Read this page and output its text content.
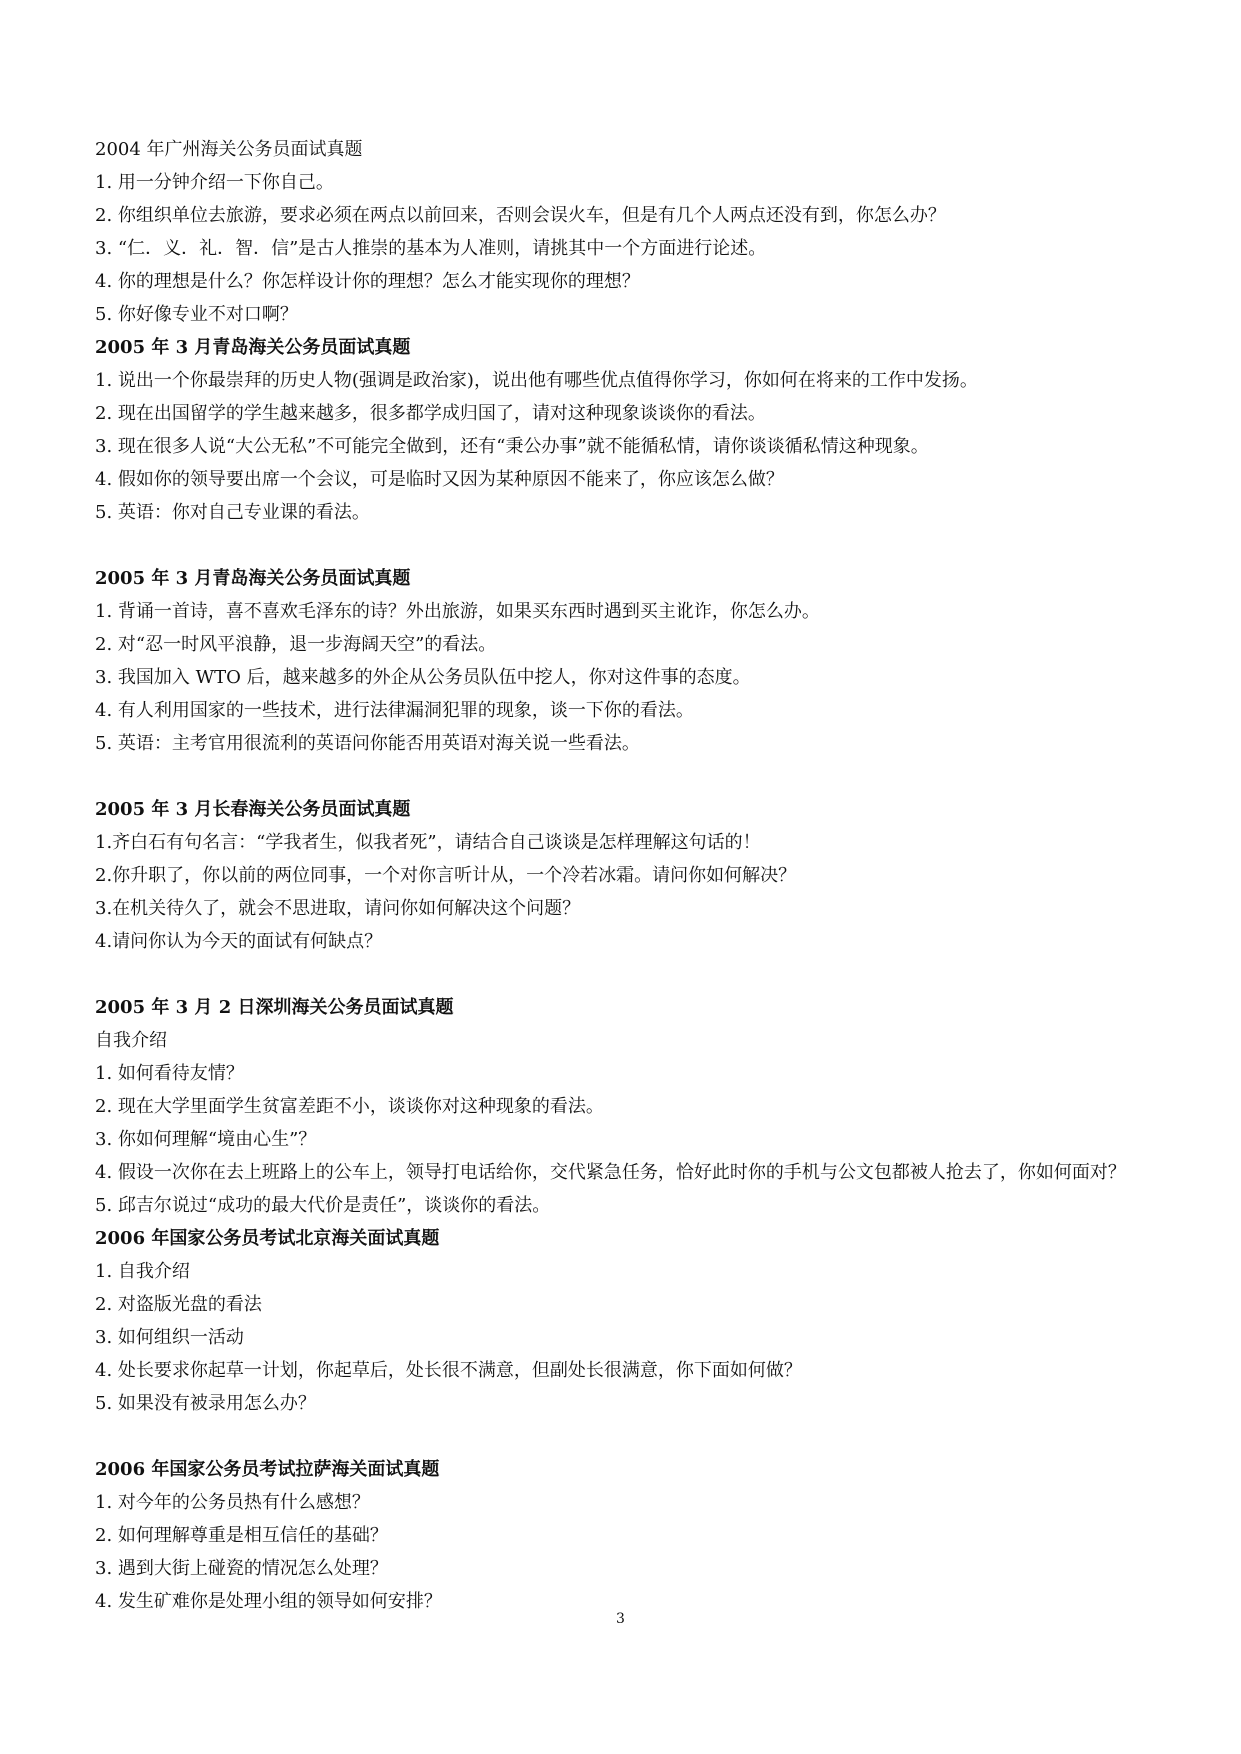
2004 年广州海关公务员面试真题
1. 用一分钟介绍一下你自己。
2. 你组织单位去旅游，要求必须在两点以前回来，否则会误火车，但是有几个人两点还没有到，你怎么办？
3. “仁．义．礼．智．信”是古人推崇的基本为人准则，请挑其中一个方面进行论述。
4. 你的理想是什么？你怎样设计你的理想？怎么才能实现你的理想？
5. 你好像专业不对口啊？
2005 年 3 月青岛海关公务员面试真题
1. 说出一个你最崇拜的历史人物(强调是政治家)，说出他有哪些优点值得你学习，你如何在将来的工作中发扬。
2. 现在出国留学的学生越来越多，很多都学成归国了，请对这种现象谈谈你的看法。
3. 现在很多人说“大公无私”不可能完全做到，还有“秉公办事”就不能循私情，请你谈谈循私情这种现象。
4. 假如你的领导要出席一个会议，可是临时又因为某种原因不能来了，你应该怎么做？
5. 英语：你对自己专业课的看法。
2005 年 3 月青岛海关公务员面试真题
1. 背诵一首诗，喜不喜欢毛泽东的诗？外出旅游，如果买东西时遇到买主讹诈，你怎么办。
2. 对“忍一时风平浪静，退一步海阔天空”的看法。
3. 我国加入 WTO 后，越来越多的外企从公务员队伍中挖人，你对这件事的态度。
4. 有人利用国家的一些技术，进行法律漏洞犯罪的现象，谈一下你的看法。
5. 英语：主考官用很流利的英语问你能否用英语对海关说一些看法。
2005 年 3 月长春海关公务员面试真题
1.齐白石有句名言：“学我者生，似我者死”，请结合自己谈谈是怎样理解这句话的！
2.你升职了，你以前的两位同事，一个对你言听计从，一个冷若冰霜。请问你如何解决？
3.在机关待久了，就会不思进取，请问你如何解决这个问题？
4.请问你认为今天的面试有何缺点？
2005 年 3 月 2 日深圳海关公务员面试真题
自我介绍
1. 如何看待友情？
2. 现在大学里面学生贫富差距不小，谈谈你对这种现象的看法。
3. 你如何理解“境由心生”？
4. 假设一次你在去上班路上的公车上，领导打电话给你，交代紧急任务，恰好此时你的手机与公文包都被人抢去了，你如何面对？
5. 邱吉尔说过“成功的最大代价是责任”，谈谈你的看法。
2006 年国家公务员考试北京海关面试真题
1. 自我介绍
2. 对盗版光盘的看法
3. 如何组织一活动
4. 处长要求你起草一计划，你起草后，处长很不满意，但副处长很满意，你下面如何做？
5. 如果没有被录用怎么办？
2006 年国家公务员考试拉萨海关面试真题
1. 对今年的公务员热有什么感想？
2. 如何理解尊重是相互信任的基础？
3. 遇到大街上碰瓷的情况怎么处理？
4. 发生矿难你是处理小组的领导如何安排？
3
